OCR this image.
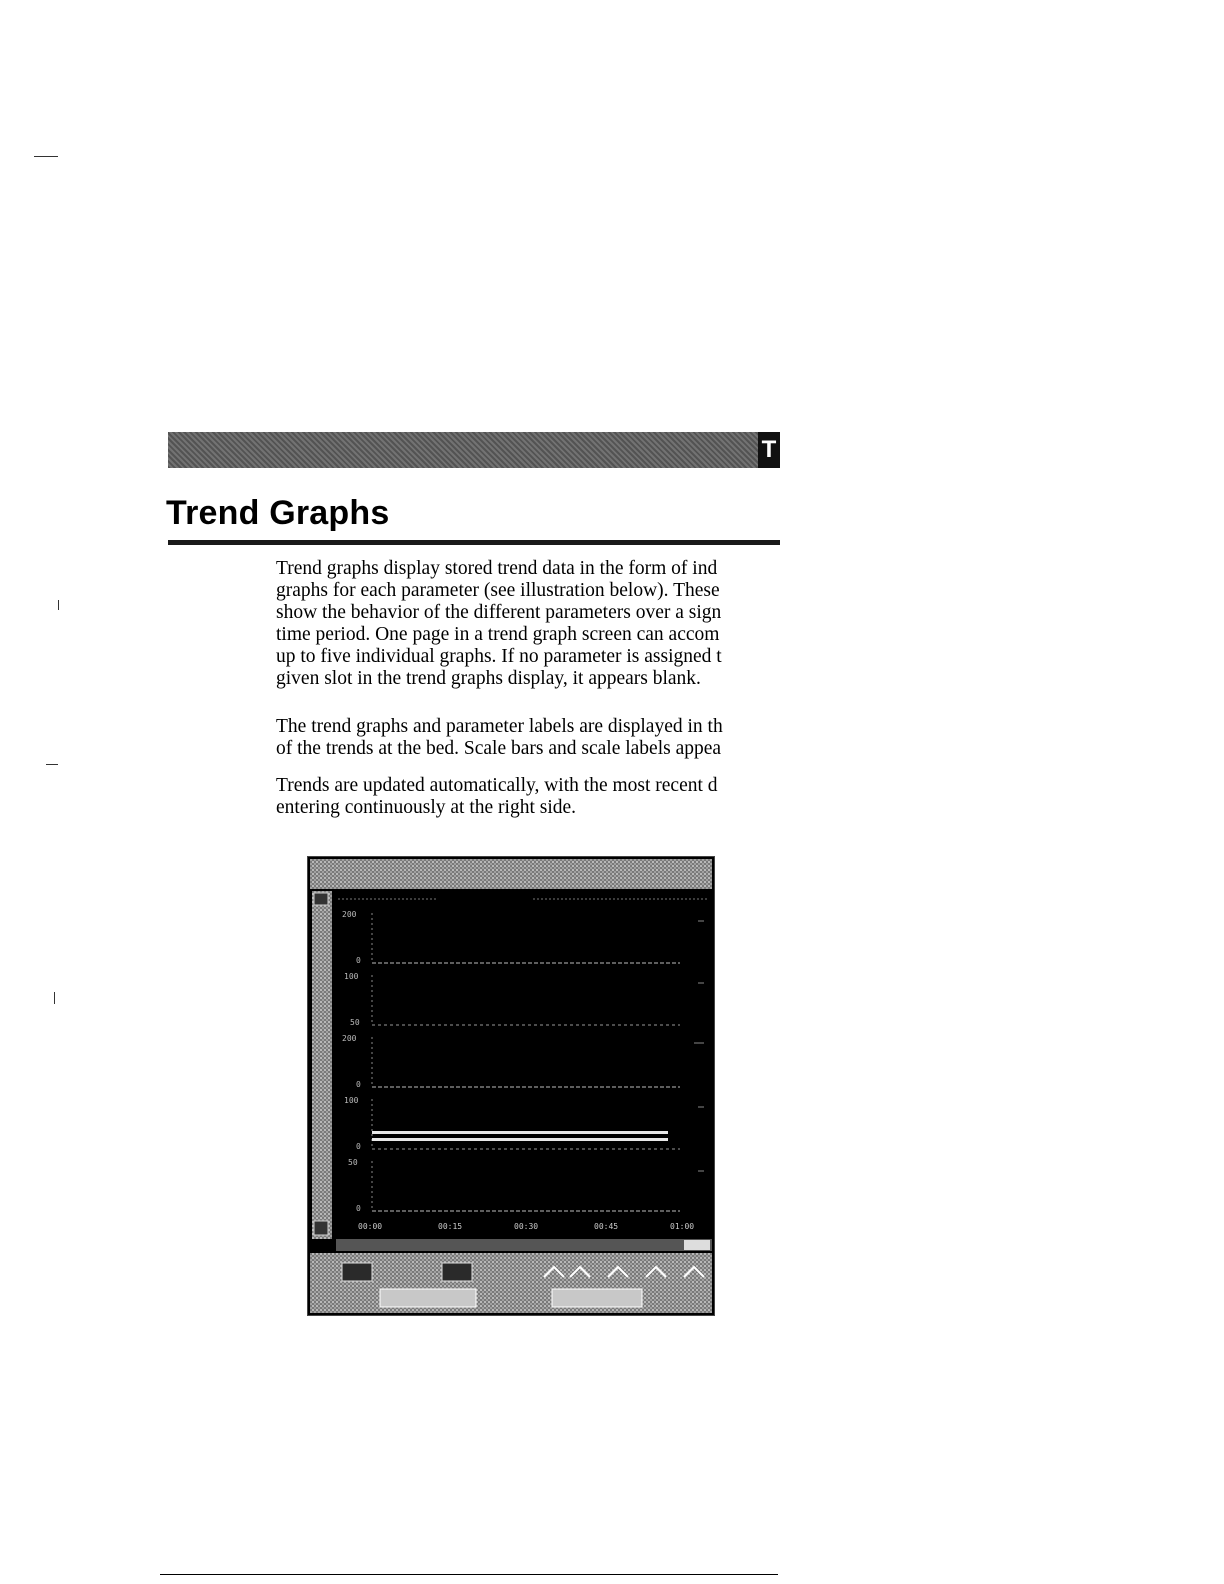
T
Trend Graphs
Trend graphs display stored trend data in the form of ind
graphs for each parameter (see illustration below). These
show the behavior of the different parameters over a sign
time period. One page in a trend graph screen can accom
up to five individual graphs. If no parameter is assigned t
given slot in the trend graphs display, it appears blank.
The trend graphs and parameter labels are displayed in th
of the trends at the bed. Scale bars and scale labels appea
Trends are updated automatically, with the most recent d
entering continuously at the right side.
200
0
100
50
200
0
100
0
50
0
00:00	00:15	00:30	00:45	01:00
